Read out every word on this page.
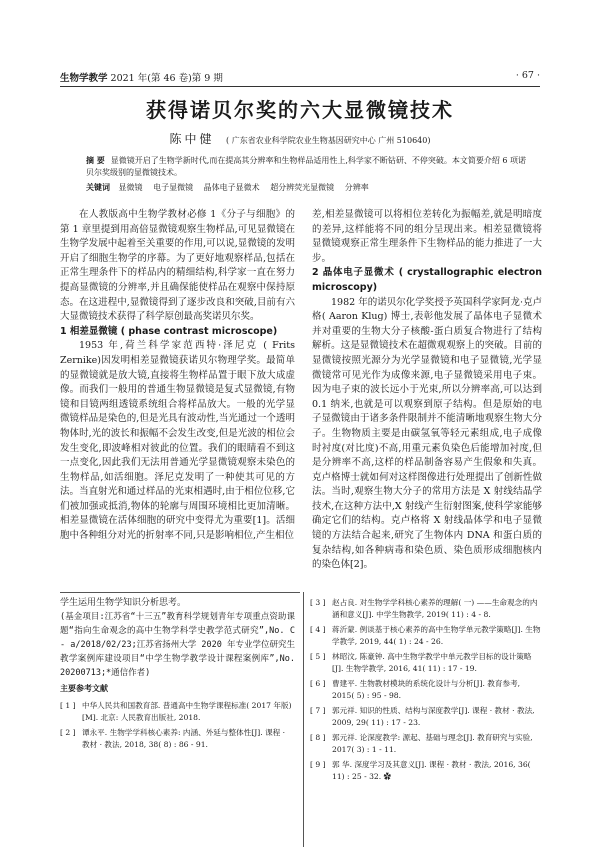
生物学教学 2021 年(第 46 卷)第 9 期	· 67 ·
获得诺贝尔奖的六大显微镜技术
陈中健 ( 广东省农业科学院农业生物基因研究中心 广州 510640)
摘 要 显微镜开启了生物学新时代,而在提高其分辨率和生物样品适用性上,科学家不断钻研、不停突破。本文简要介绍 6 项诺贝尔奖级别的显微镜技术。
关键词 显微镜 电子显微镜 晶体电子显微术 超分辨荧光显微镜 分辨率

在人教版高中生物学教材必修 1《分子与细胞》的第 1 章里提到用高倍显微镜观察生物样品,可见显微镜在生物学发展中起着至关重要的作用,可以说,显微镜的发明开启了细胞生物学的序幕。为了更好地观察样品,包括在正常生理条件下的样品内的精细结构,科学家一直在努力提高显微镜的分辨率,并且确保能使样品在观察中保持原态。在这进程中,显微镜得到了逐步改良和突破,目前有六大显微镜技术获得了科学原创最高奖诺贝尔奖。

1 相差显微镜 ( phase contrast microscope)

1953 年,荷兰科学家范西特·泽尼克 ( Frits Zernike)因发明相差显微镜获诺贝尔物理学奖。最简单的显微镜就是放大镜,直接将生物样品置于眼下放大成虚像。而我们一般用的普通生物显微镜是复式显微镜,有物镜和目镜两组透镜系统组合将样品放大。一般的光学显微镜样品是染色的,但是光具有波动性,当光通过一个透明物体时,光的波长和振幅不会发生改变,但是光波的相位会发生变化,即波峰相对彼此的位置。我们的眼睛看不到这一点变化,因此我们无法用普通光学显微镜观察未染色的生物样品,如活细胞。泽尼克发明了一种使其可见的方法。当直射光和通过样品的光束相遇时,由于相位位移,它们被加强或抵消,物体的轮廓与周围环境相比更加清晰。相差显微镜在活体细胞的研究中变得尤为重要[1]。活细胞中各种组分对光的折射率不同,只是影响相位,产生相位

差,相差显微镜可以将相位差转化为振幅差,就是明暗度的差异,这样能将不同的组分呈现出来。相差显微镜将显微镜观察正常生理条件下生物样品的能力推进了一大步。

2 晶体电子显微术 ( crystallographic electron microscopy)

1982 年的诺贝尔化学奖授予英国科学家阿龙·克卢格( Aaron Klug) 博士,表彰他发展了晶体电子显微术并对重要的生物大分子核酸-蛋白质复合物进行了结构解析。这是显微镜技术在超微观观察上的突破。目前的显微镜按照光源分为光学显微镜和电子显微镜,光学显微镜常可见光作为成像来源,电子显微镜采用电子束。因为电子束的波长远小于光束,所以分辨率高,可以达到 0.1 纳米,也就是可以观察到原子结构。但是原始的电子显微镜由于诸多条件限制并不能清晰地观察生物大分子。生物物质主要是由碳氢氧等轻元素组成,电子成像时衬度(对比度)不高,用重元素负染色后能增加衬度,但是分辨率不高,这样的样品制备容易产生假象和失真。克卢格博士就如何对这样图像进行处理提出了创新性做法。当时,观察生物大分子的常用方法是 X 射线结晶学技术,在这种方法中,X 射线产生衍射图案,使科学家能够确定它们的结构。克卢格将 X 射线晶体学和电子显微镜的方法结合起来,研究了生物体内 DNA 和蛋白质的复杂结构,如各种病毒和染色质、染色质形成细胞核内的染色体[2]。

学生运用生物学知识分析思考。

(基金项目:江苏省“十三五”教育科学规划青年专项重点资助课题“指向生命观念的高中生物学科学史教学范式研究”,No. C - a/2018/02/23;江苏省扬州大学 2020 年专业学位研究生教学案例库建设项目“中学生物学教学设计课程案例库”,No. 20200713;*通信作者)

主要参考文献
[ 1 ] 中华人民共和国教育部. 普通高中生物学课程标准( 2017 年版) [M]. 北京: 人民教育出版社, 2018.
[ 2 ] 谭永平. 生物学学科核心素养: 内涵、外延与整体性[J]. 课程 · 教材 · 教法, 2018, 38( 8) : 86 - 91.
[ 3 ] 赵占良. 对生物学学科核心素养的理解( 一) ——生命观念的内涵和意义[J]. 中学生物教学, 2019( 11) : 4 - 8.
[ 4 ] 蒋沂蒙. 例谈基于核心素养的高中生物学单元教学策略[J]. 生物学教学, 2019, 44( 1) : 24 - 26.
[ 5 ] 林昭汶, 陈豪钟. 高中生物学教学中单元教学目标的设计策略[J]. 生物学教学, 2016, 41( 11) : 17 - 19.
[ 6 ] 曹建平. 生物教材模块的系统化设计与分析[J]. 教育参考, 2015( 5) : 95 - 98.
[ 7 ] 郭元祥. 知识的性质、结构与深度教学[J]. 课程 · 教材 · 教法, 2009, 29( 11) : 17 - 23.
[ 8 ] 郭元祥. 论深度教学: 源起、基础与理念[J]. 教育研究与实验, 2017( 3) : 1 - 11.
[ 9 ] 郭 华. 深度学习及其意义[J]. 课程 · 教材 · 教法, 2016, 36( 11) : 25 - 32. ✿
